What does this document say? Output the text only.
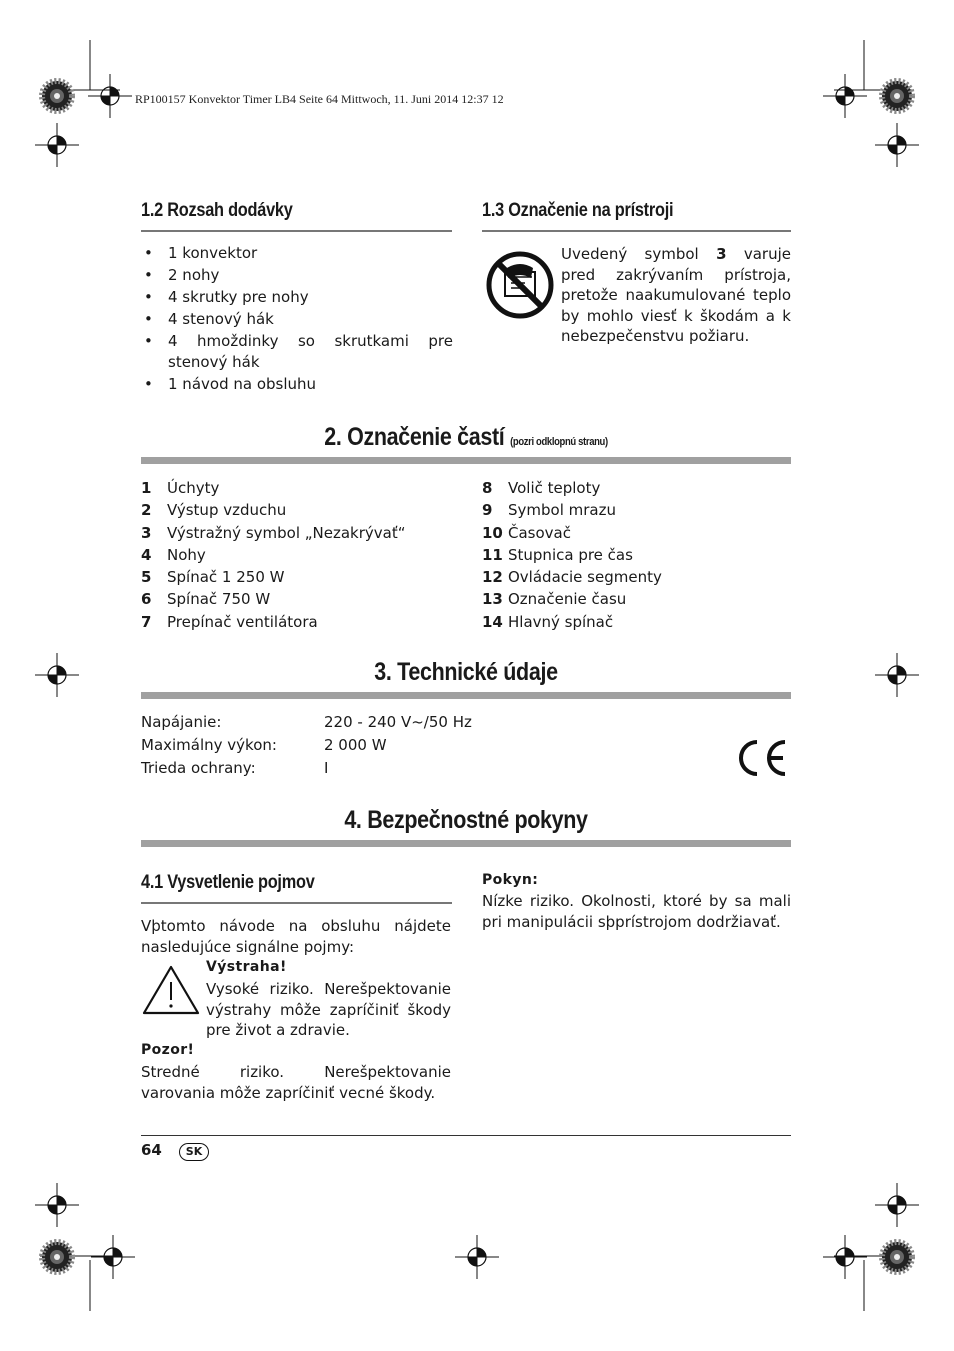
RP100157 Konvektor Timer LB4 Seite 64 Mittwoch, 11. Juni 2014 12:37 12
1.2 Rozsah dodávky
• 1 konvektor
• 2 nohy
• 4 skrutky pre nohy
• 4 stenový hák
• 4 hmoždinky so skrutkami pre stenový hák
• 1 návod na obsluhu
1.3 Označenie na prístroji
Uvedený symbol 3 varuje pred zakrývaním prístroja, pretože naakumulované teplo by mohlo viesť k škodám a k nebezpečenstvu požiaru.
2. Označenie častí (pozri odklopnú stranu)
1	Úchyty
2	Výstup vzduchu
3	Výstražný symbol „Nezakrývať“
4	Nohy
5	Spínač 1 250 W
6	Spínač 750 W
7	Prepínač ventilátora
8	Volič teploty
9	Symbol mrazu
10 Časovač
11 Stupnica pre čas
12 Ovládacie segmenty
13 Označenie času
14 Hlavný spínač
3. Technické údaje
Napájanie:	220 - 240 V~/50 Hz
Maximálny výkon:	2 000 W
Trieda ochrany:	I
4. Bezpečnostné pokyny
4.1 Vysvetlenie pojmov
Vþtomto návode na obsluhu nájdete nasledujúce signálne pojmy:
Výstraha!
Vysoké riziko. Nerešpektovanie výstrahy môže zapríčiniť škody pre život a zdravie.
Pozor!
Stredné riziko. Nerešpektovanie varovania môže zapríčiniť vecné škody.
Pokyn:
Nízke riziko. Okolnosti, ktoré by sa mali pri manipulácii sþprístrojom dodržiavať.
64	SK
